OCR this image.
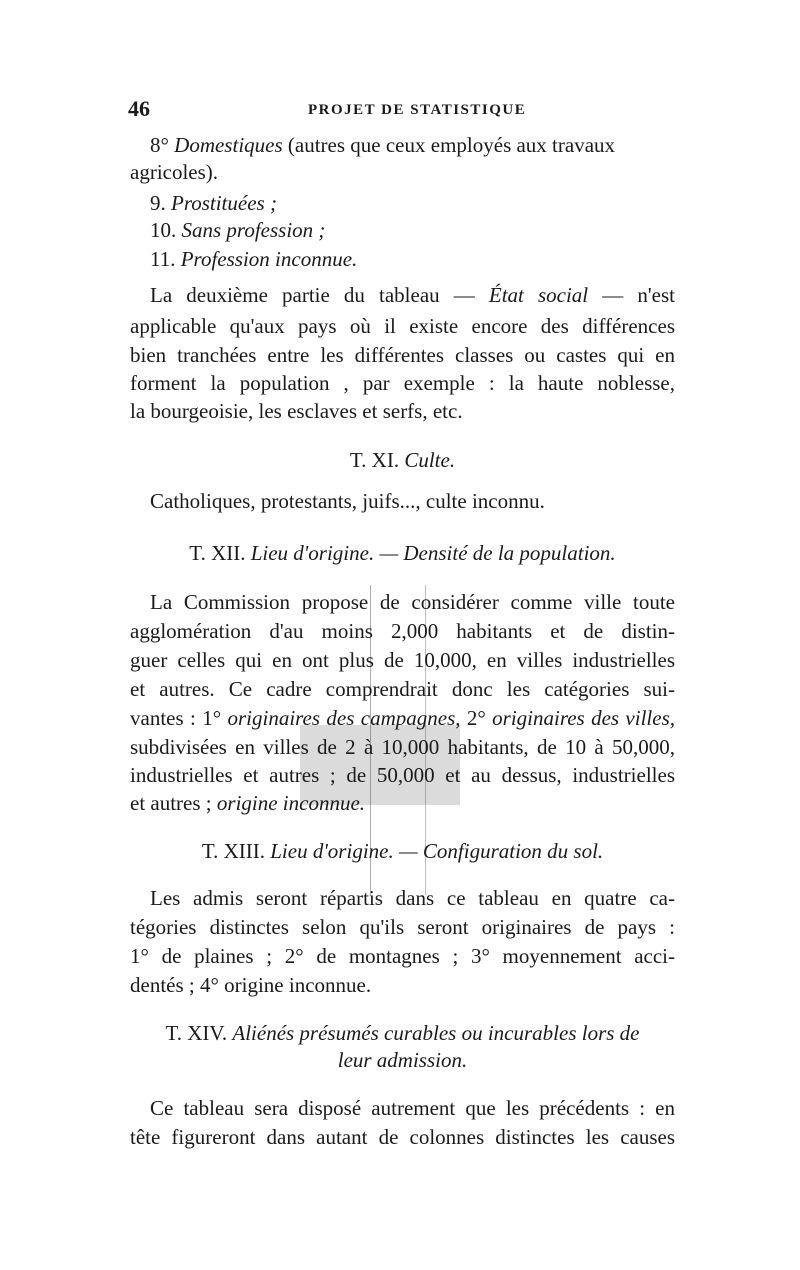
46	PROJET DE STATISTIQUE
8° Domestiques (autres que ceux employés aux travaux
agricoles).
9. Prostituées ;
10. Sans profession ;
11. Profession inconnue.
La deuxième partie du tableau — État social — n'est
applicable qu'aux pays où il existe encore des différences
bien tranchées entre les différentes classes ou castes qui en
forment la population , par exemple : la haute noblesse,
la bourgeoisie, les esclaves et serfs, etc.
T. XI. Culte.
Catholiques, protestants, juifs..., culte inconnu.
T. XII. Lieu d'origine. — Densité de la population.
La Commission propose de considérer comme ville toute
agglomération d'au moins 2,000 habitants et de distin-
guer celles qui en ont plus de 10,000, en villes industrielles
et autres. Ce cadre comprendrait donc les catégories sui-
vantes : 1° originaires des campagnes, 2° originaires des villes,
subdivisées en villes de 2 à 10,000 habitants, de 10 à 50,000,
industrielles et autres ; de 50,000 et au dessus, industrielles
et autres ; origine inconnue.
T. XIII. Lieu d'origine. — Configuration du sol.
Les admis seront répartis dans ce tableau en quatre ca-
tégories distinctes selon qu'ils seront originaires de pays :
1° de plaines ; 2° de montagnes ; 3° moyennement acci-
dentés ; 4° origine inconnue.
T. XIV. Aliénés présumés curables ou incurables lors de
leur admission.
Ce tableau sera disposé autrement que les précédents : en
tête figureront dans autant de colonnes distinctes les causes
